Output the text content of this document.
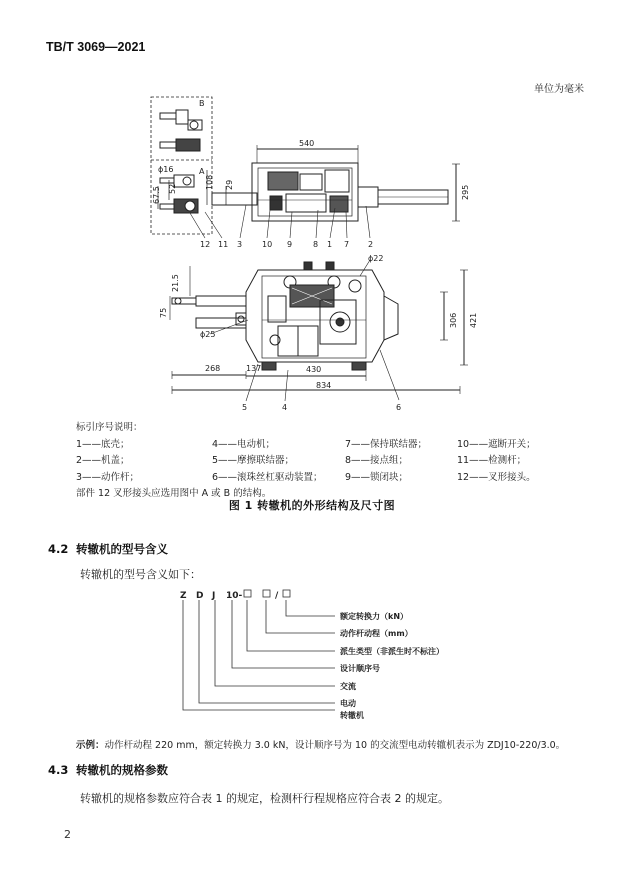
TB/T 3069—2021
单位为毫米
B
A
ϕ16
52
67.5
108 29
540
295
12 11 3 10 9	8 1 7 2
ϕ22
21.5
75
ϕ25
306 421
268	137	430
834
5	4	6
标引序号说明：
1——底壳；	4——电动机；	7——保持联结器；	10——遮断开关；
2——机盖；	5——摩擦联结器；	8——接点组；	11——检测杆；
3——动作杆；	6——滚珠丝杠驱动装置；	9——锁闭块；	12——叉形接头。
部件 12 叉形接头应选用图中 A 或 B 的结构。
图 1 转辙机的外形结构及尺寸图
4.2 转辙机的型号含义
转辙机的型号含义如下：
Z D J 10-	/
额定转换力（kN）
动作杆动程（mm）
派生类型（非派生时不标注）
设计顺序号
交流
电动
转辙机
示例：动作杆动程 220 mm，额定转换力 3.0 kN，设计顺序号为 10 的交流型电动转辙机表示为 ZDJ10-220/3.0。
4.3 转辙机的规格参数
转辙机的规格参数应符合表 1 的规定，检测杆行程规格应符合表 2 的规定。
2
